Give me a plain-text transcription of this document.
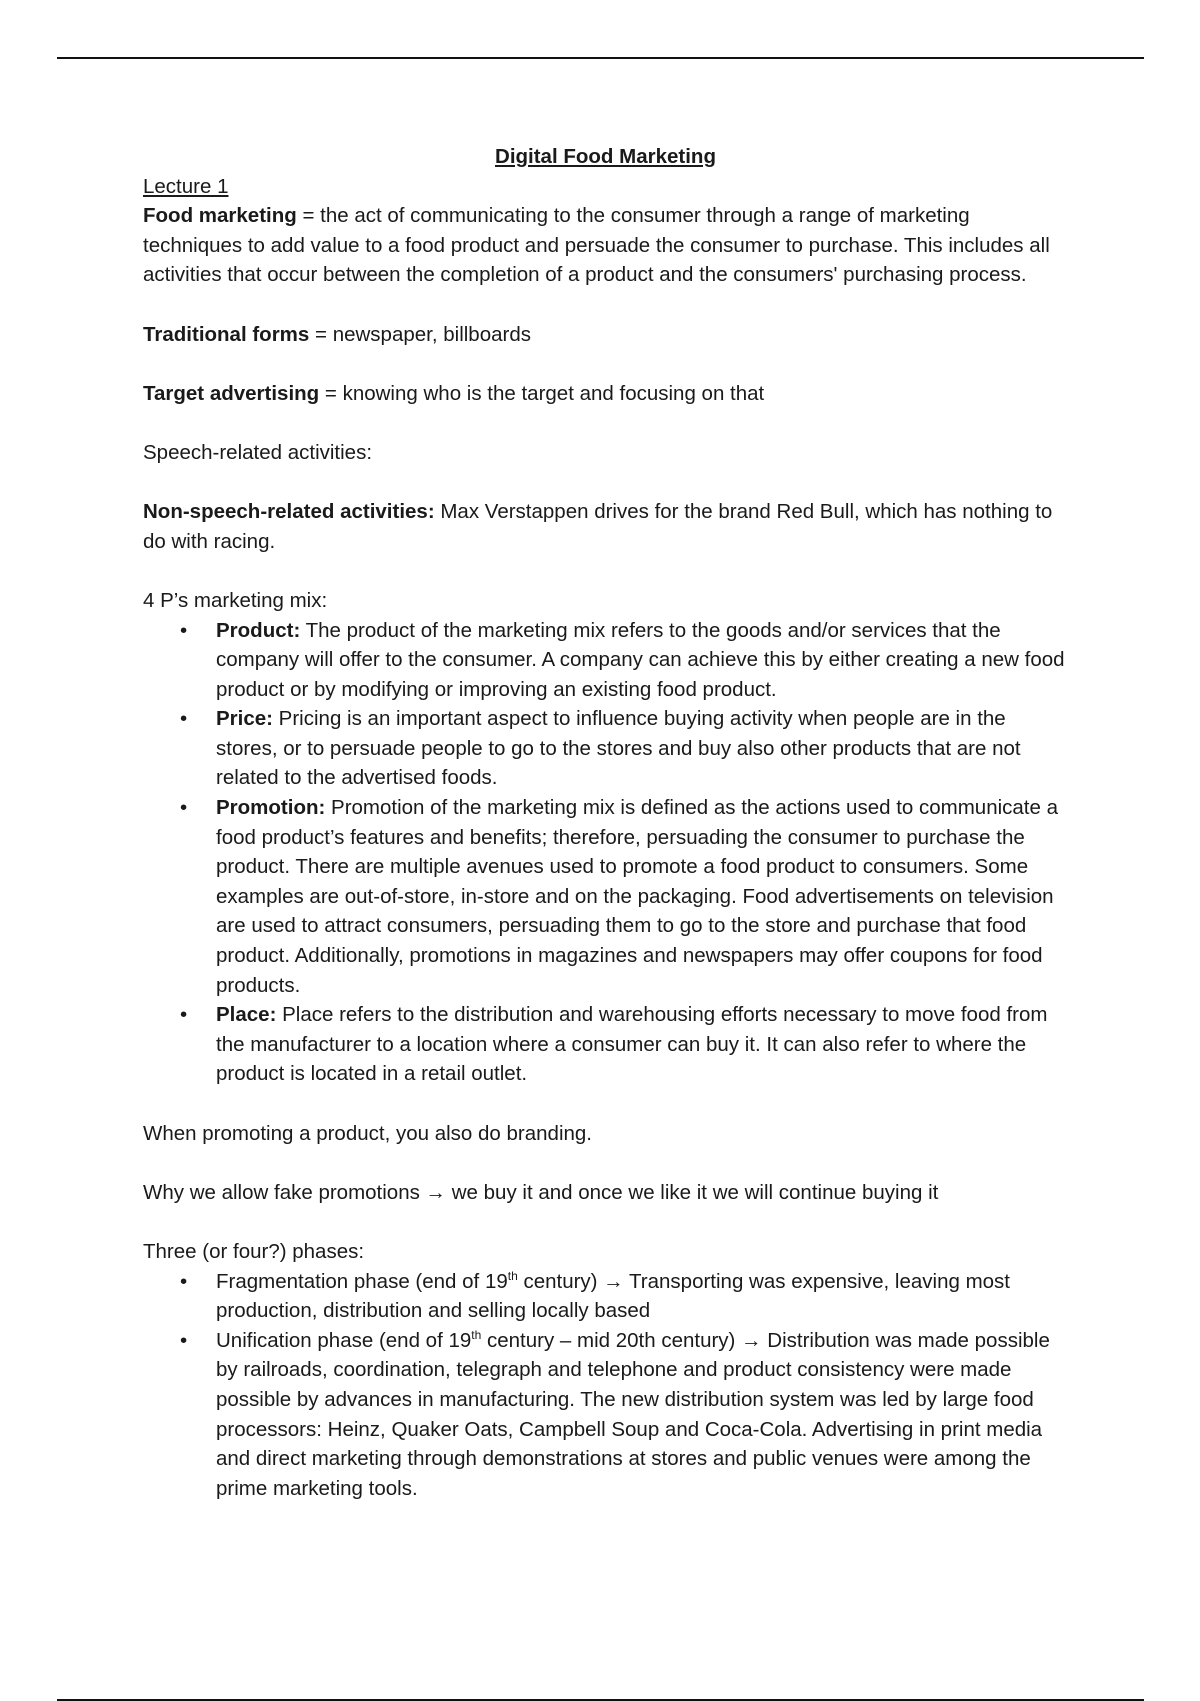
Digital Food Marketing

Lecture 1

Food marketing = the act of communicating to the consumer through a range of marketing techniques to add value to a food product and persuade the consumer to purchase. This includes all activities that occur between the completion of a product and the consumers' purchasing process.

Traditional forms = newspaper, billboards

Target advertising = knowing who is the target and focusing on that

Speech-related activities:

Non-speech-related activities: Max Verstappen drives for the brand Red Bull, which has nothing to do with racing.

4 P’s marketing mix:

• Product: The product of the marketing mix refers to the goods and/or services that the company will offer to the consumer. A company can achieve this by either creating a new food product or by modifying or improving an existing food product.
• Price: Pricing is an important aspect to influence buying activity when people are in the stores, or to persuade people to go to the stores and buy also other products that are not related to the advertised foods.
• Promotion: Promotion of the marketing mix is defined as the actions used to communicate a food product’s features and benefits; therefore, persuading the consumer to purchase the product. There are multiple avenues used to promote a food product to consumers. Some examples are out-of-store, in-store and on the packaging. Food advertisements on television are used to attract consumers, persuading them to go to the store and purchase that food product. Additionally, promotions in magazines and newspapers may offer coupons for food products.
• Place: Place refers to the distribution and warehousing efforts necessary to move food from the manufacturer to a location where a consumer can buy it. It can also refer to where the product is located in a retail outlet.

When promoting a product, you also do branding.

Why we allow fake promotions → we buy it and once we like it we will continue buying it

Three (or four?) phases:

• Fragmentation phase (end of 19th century) → Transporting was expensive, leaving most production, distribution and selling locally based
• Unification phase (end of 19th century – mid 20th century) → Distribution was made possible by railroads, coordination, telegraph and telephone and product consistency were made possible by advances in manufacturing. The new distribution system was led by large food processors: Heinz, Quaker Oats, Campbell Soup and Coca-Cola. Advertising in print media and direct marketing through demonstrations at stores and public venues were among the prime marketing tools.
